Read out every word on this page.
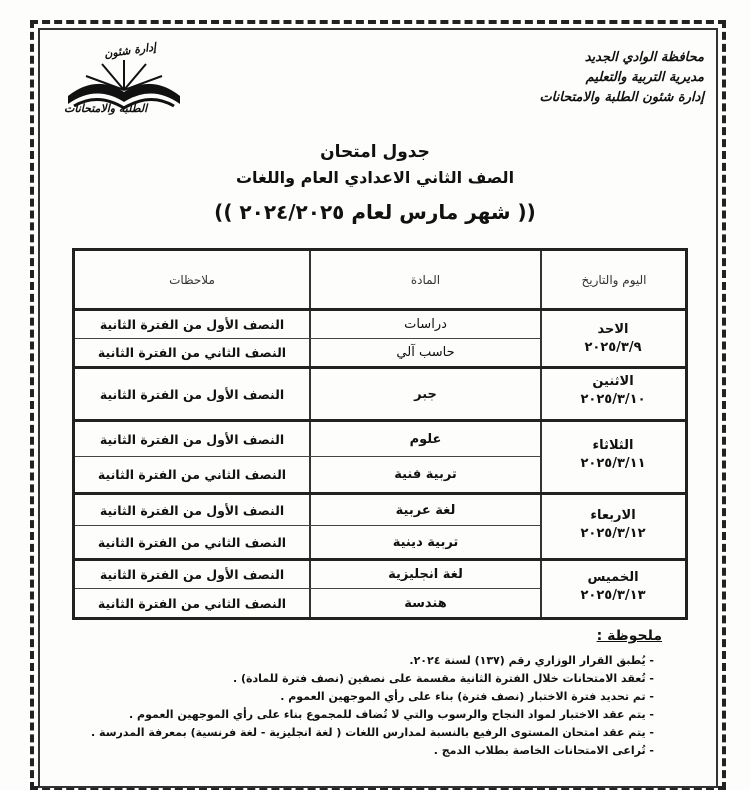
إدارة شئون
الطلبة والامتحانات
محافظة الوادي الجديد
مديرية التربية والتعليم
إدارة شئون الطلبة والامتحانات
جدول امتحان
الصف الثاني الاعدادي العام واللغات
(( شهر مارس لعام ٢٠٢٤/٢٠٢٥ ))
اليوم والتاريخ
المادة
ملاحظات
الاحد
٢٠٢٥/٣/٩
دراسات
النصف الأول من الفترة الثانية
حاسب آلي
النصف الثاني من الفترة الثانية
الاثنين
٢٠٢٥/٣/١٠
جبر
النصف الأول من الفترة الثانية
الثلاثاء
٢٠٢٥/٣/١١
علوم
النصف الأول من الفترة الثانية
تربية فنية
النصف الثاني من الفترة الثانية
الاربعاء
٢٠٢٥/٣/١٢
لغة عربية
النصف الأول من الفترة الثانية
تربية دينية
النصف الثاني من الفترة الثانية
الخميس
٢٠٢٥/٣/١٣
لغة انجليزية
النصف الأول من الفترة الثانية
هندسة
النصف الثاني من الفترة الثانية
ملحوظة :
- يُطبق القرار الوزاري رقم (١٣٧) لسنة ٢٠٢٤.
- تُعقد الامتحانات خلال الفترة الثانية مقسمة على نصفين (نصف فترة للمادة) .
- تم تحديد فترة الاختبار (نصف فترة) بناء على رأي الموجهين العموم .
- يتم عقد الاختبار لمواد النجاح والرسوب والتي لا تُضاف للمجموع بناء على رأي الموجهين العموم .
- يتم عقد امتحان المستوى الرفيع بالنسبة لمدارس اللغات ( لغة انجليزية - لغة فرنسية) بمعرفة المدرسة .
- تُراعى الامتحانات الخاصة بطلاب الدمج .
